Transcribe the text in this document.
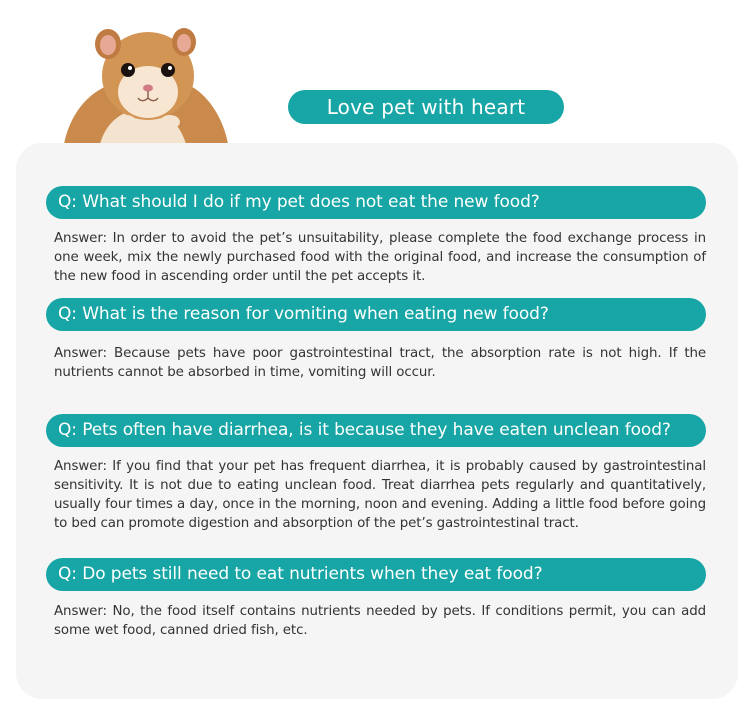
Love pet with heart
Q: What should I do if my pet does not eat the new food?
Answer: In order to avoid the pet’s unsuitability, please complete the food exchange process in one week, mix the newly purchased food with the original food, and increase the consumption of the new food in ascending order until the pet accepts it.
Q: What is the reason for vomiting when eating new food?
Answer: Because pets have poor gastrointestinal tract, the absorption rate is not high. If the nutrients cannot be absorbed in time, vomiting will occur.
Q: Pets often have diarrhea, is it because they have eaten unclean food?
Answer: If you find that your pet has frequent diarrhea, it is probably caused by gastrointestinal sensitivity. It is not due to eating unclean food. Treat diarrhea pets regularly and quantitatively, usually four times a day, once in the morning, noon and evening. Adding a little food before going to bed can promote digestion and absorption of the pet’s gastrointestinal tract.
Q: Do pets still need to eat nutrients when they eat food?
Answer: No, the food itself contains nutrients needed by pets. If conditions permit, you can add some wet food, canned dried fish, etc.
